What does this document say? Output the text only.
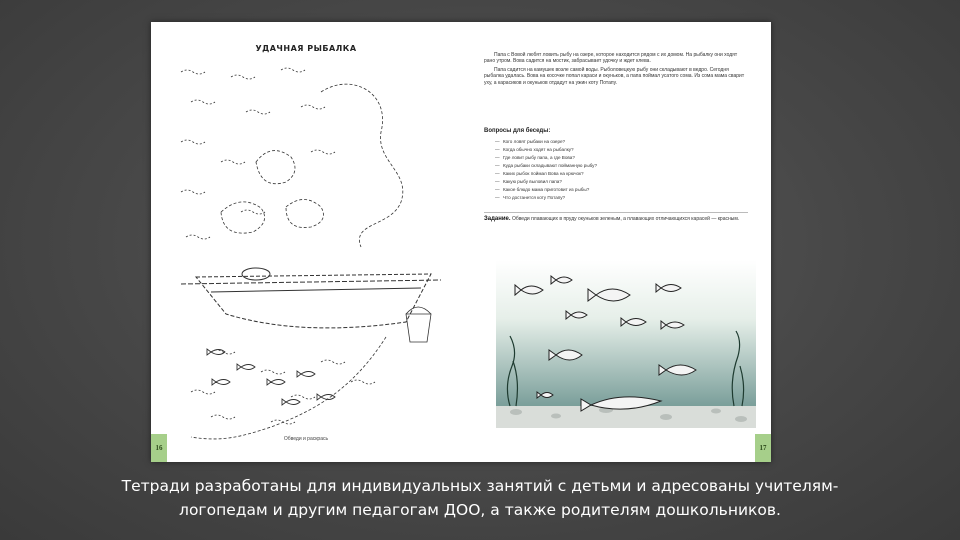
УДАЧНАЯ РЫБАЛКА
Обведи и раскрась
16

Папа с Вовой любят ловить рыбу на озере, которое находится рядом с их домом. На рыбалку они ходят рано утром. Вова садится на мостик, забрасывает удочку и ждет клева.

Папа садится на камушек возле самой воды. Рыболовецкую рыбу они складывают в ведро. Сегодня рыбалка удалась. Вова на косочке попал караси и окуньков, а папа поймал усатого сома. Из сома мама сварит уху, а карасиков и окуньков отдадут на ужин коту Потапу.

Вопросы для беседы:
— Кого ловят рыбаки на озере?
— Когда обычно ходят на рыбалку?
— Где ловит рыбу папа, а где Вова?
— Куда рыбаки складывают пойманную рыбу?
— Каких рыбок поймал Вова на крючок?
— Какую рыбу выловил папа?
— Какое блюдо мама приготовит из рыбы?
— Что достанется коту Потапу?
Задание. Обведи плавающих в пруду окуньков зеленым, а плавающих отличающихся карасей — красным.
17

Тетради разработаны для индивидуальных занятий с детьми и адресованы учителям-
логопедам и другим педагогам ДОО, а также родителям дошкольников.
